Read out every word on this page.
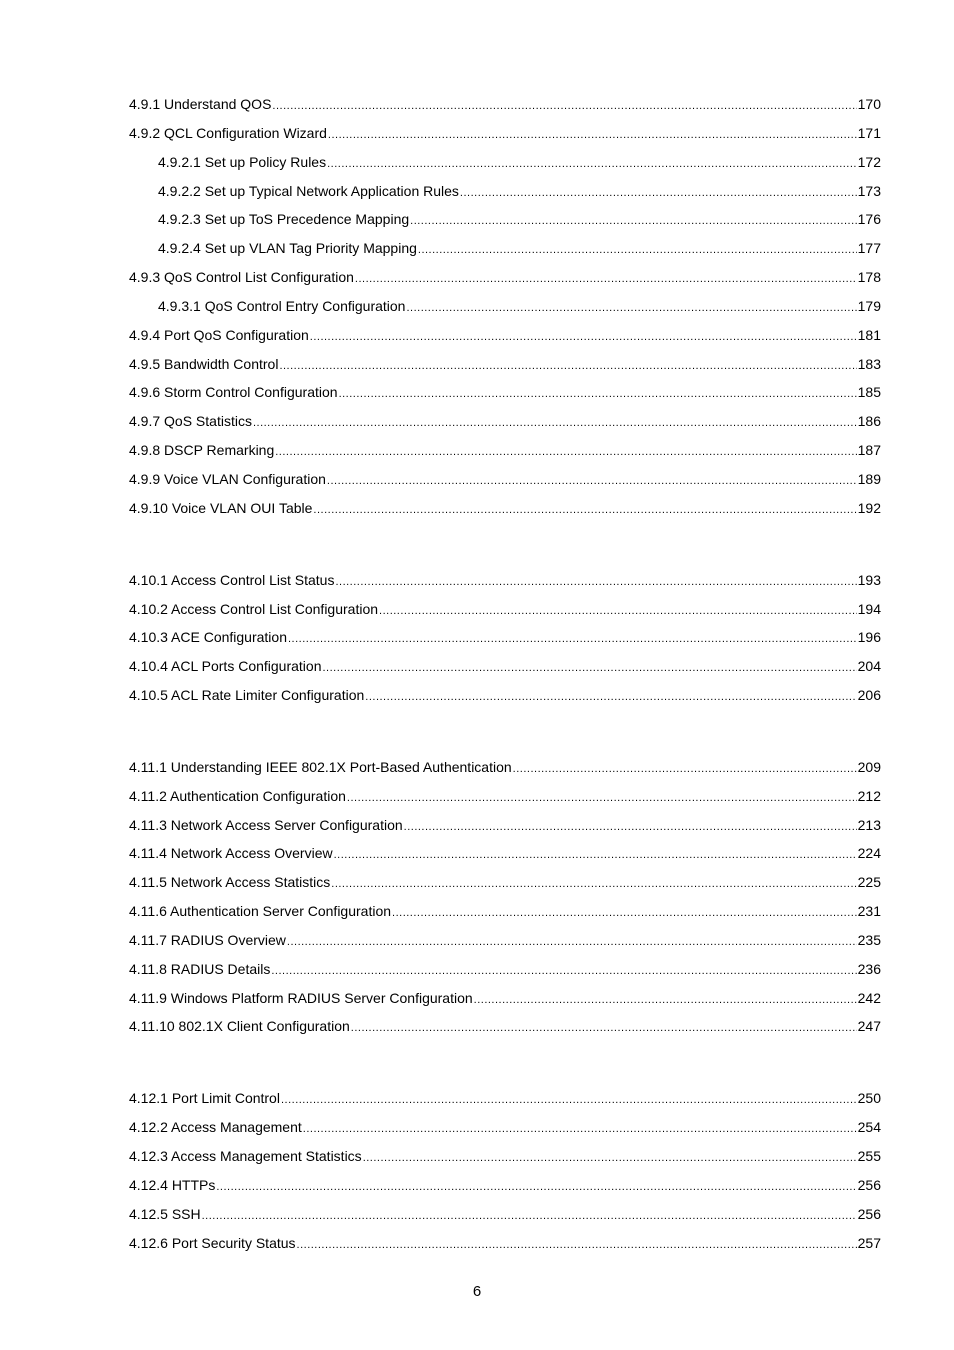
4.9.1 Understand QOS .....	170
4.9.2 QCL Configuration Wizard .....	171
4.9.2.1 Set up Policy Rules .....	172
4.9.2.2 Set up Typical Network Application Rules .....	173
4.9.2.3 Set up ToS Precedence Mapping .....	176
4.9.2.4 Set up VLAN Tag Priority Mapping .....	177
4.9.3 QoS Control List Configuration .....	178
4.9.3.1 QoS Control Entry Configuration .....	179
4.9.4 Port QoS Configuration .....	181
4.9.5 Bandwidth Control .....	183
4.9.6 Storm Control Configuration .....	185
4.9.7 QoS Statistics .....	186
4.9.8 DSCP Remarking .....	187
4.9.9 Voice VLAN Configuration .....	189
4.9.10 Voice VLAN OUI Table .....	192
4.10.1 Access Control List Status .....	193
4.10.2 Access Control List Configuration .....	194
4.10.3 ACE Configuration .....	196
4.10.4 ACL Ports Configuration .....	204
4.10.5 ACL Rate Limiter Configuration .....	206
4.11.1 Understanding IEEE 802.1X Port-Based Authentication .....	209
4.11.2 Authentication Configuration .....	212
4.11.3 Network Access Server Configuration .....	213
4.11.4 Network Access Overview .....	224
4.11.5 Network Access Statistics .....	225
4.11.6 Authentication Server Configuration .....	231
4.11.7 RADIUS Overview .....	235
4.11.8 RADIUS Details .....	236
4.11.9 Windows Platform RADIUS Server Configuration .....	242
4.11.10 802.1X Client Configuration .....	247
4.12.1 Port Limit Control .....	250
4.12.2 Access Management .....	254
4.12.3 Access Management Statistics .....	255
4.12.4 HTTPs .....	256
4.12.5 SSH .....	256
4.12.6 Port Security Status .....	257
6
